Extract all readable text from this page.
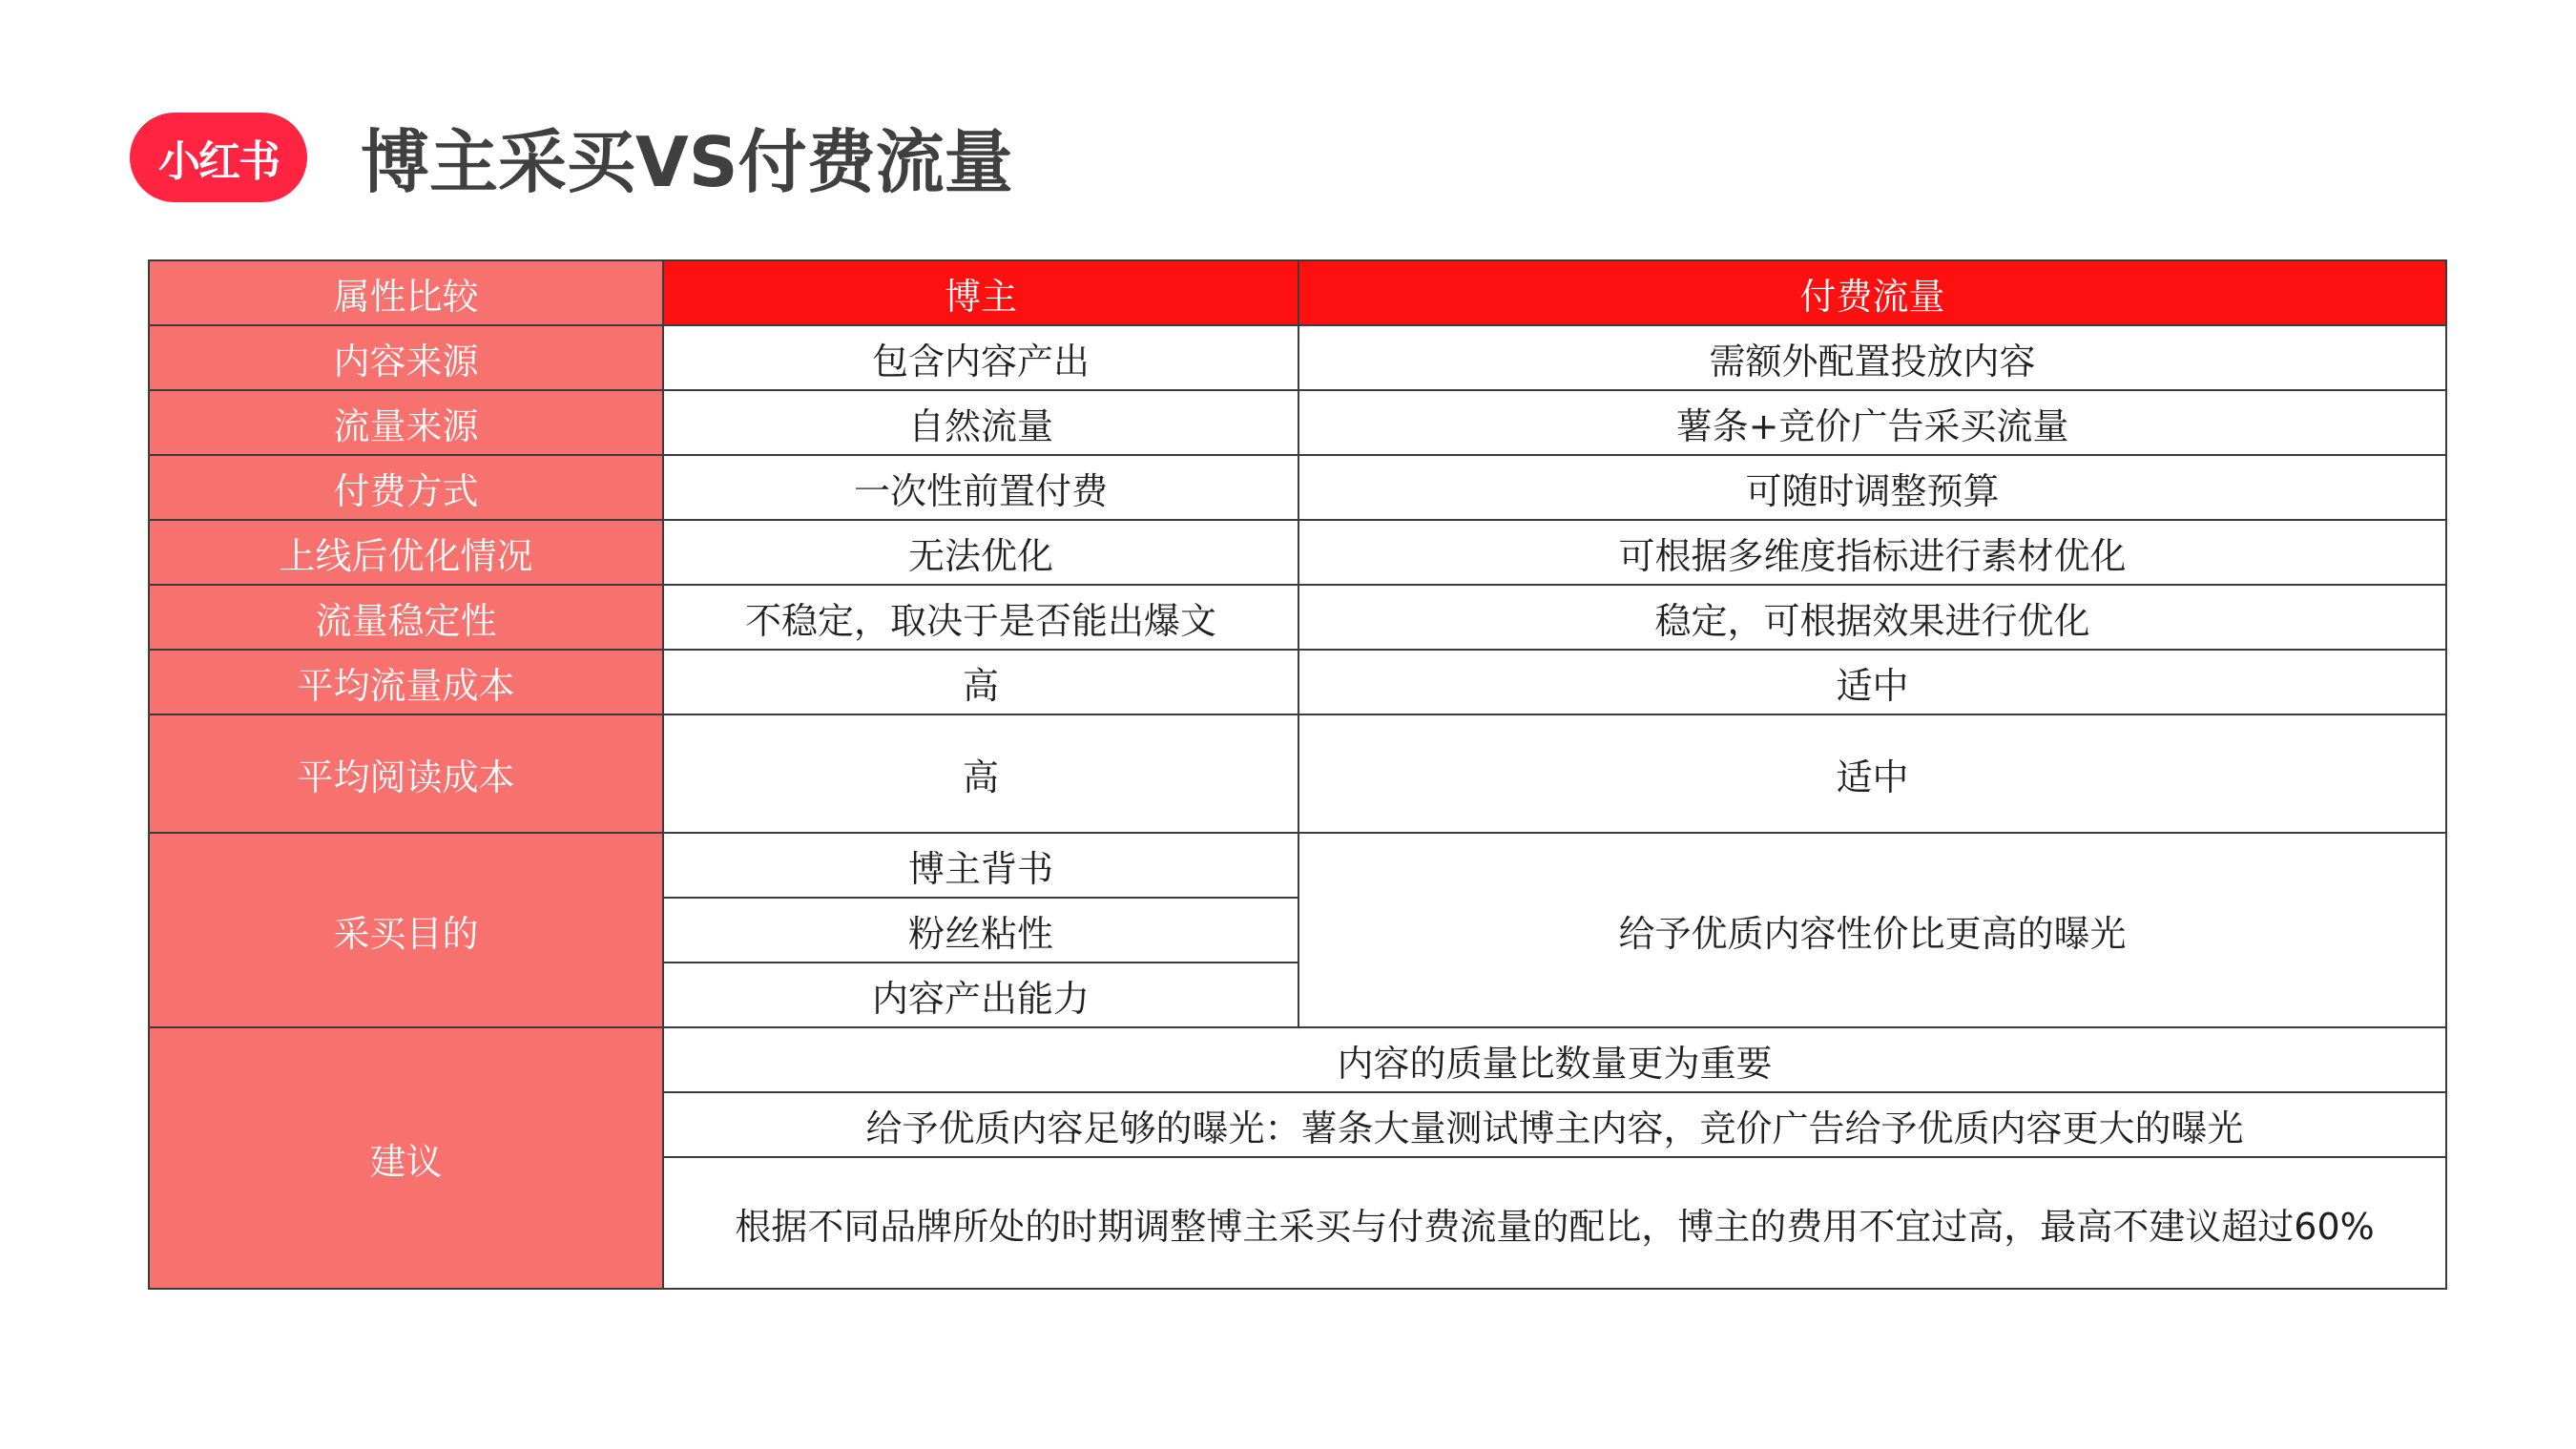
小红书 博主采买VS付费流量
属性比较	博主	付费流量
内容来源	包含内容产出	需额外配置投放内容
流量来源	自然流量	薯条+竞价广告采买流量
付费方式	一次性前置付费	可随时调整预算
上线后优化情况	无法优化	可根据多维度指标进行素材优化
流量稳定性	不稳定，取决于是否能出爆文	稳定，可根据效果进行优化
平均流量成本	高	适中
平均阅读成本	高	适中
采买目的	博主背书	给予优质内容性价比更高的曝光
	粉丝粘性	
	内容产出能力	
建议	内容的质量比数量更为重要	
	给予优质内容足够的曝光：薯条大量测试博主内容，竞价广告给予优质内容更大的曝光	
	根据不同品牌所处的时期调整博主采买与付费流量的配比，博主的费用不宜过高，最高不建议超过60%	
